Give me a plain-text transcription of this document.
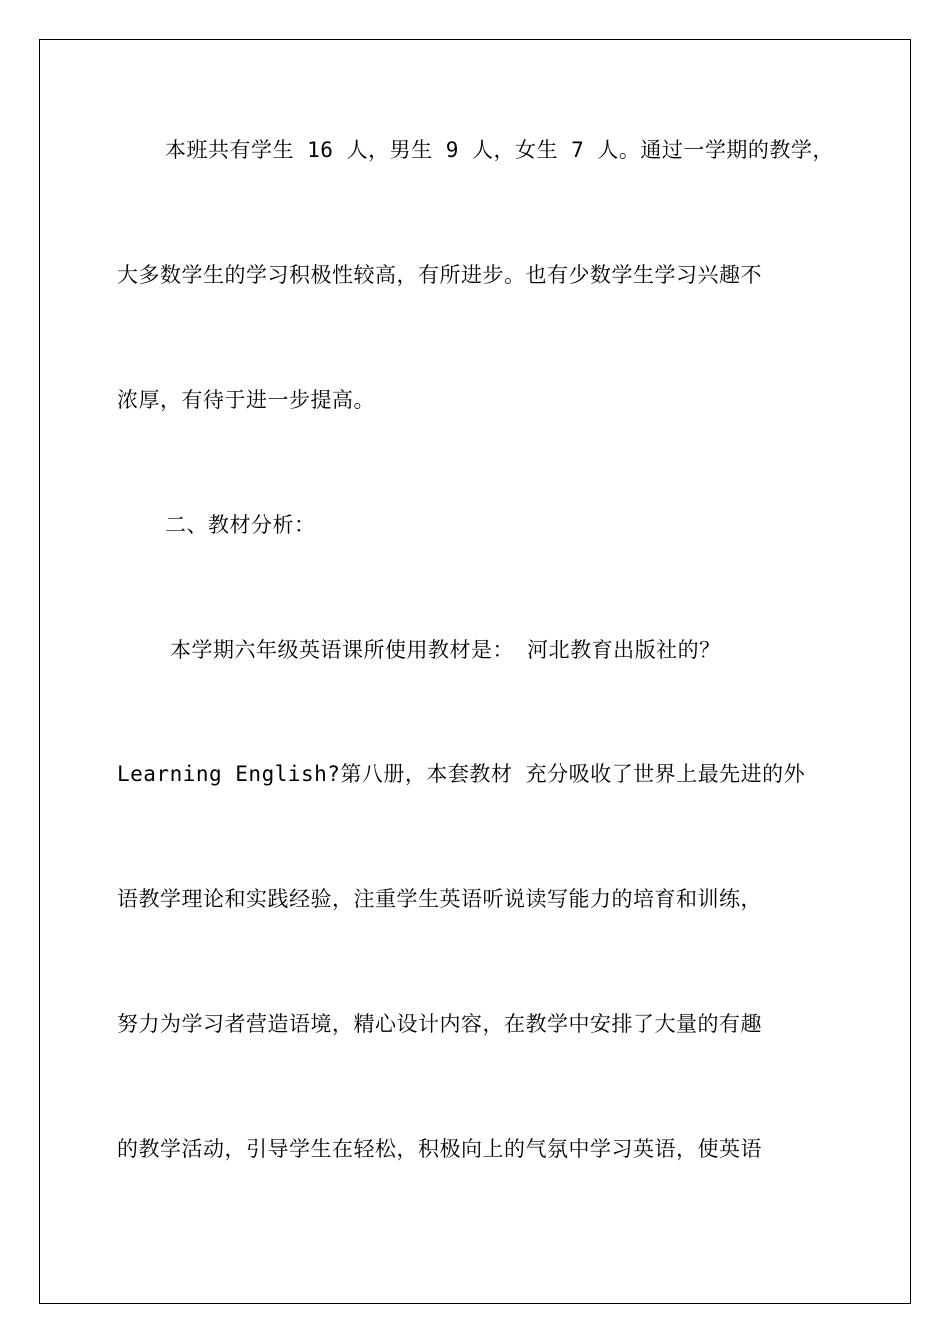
本班共有学生 16 人，男生 9 人，女生 7 人。通过一学期的教学，
大多数学生的学习积极性较高，有所进步。也有少数学生学习兴趣不
浓厚，有待于进一步提高。
二、教材分析：
本学期六年级英语课所使用教材是： 河北教育出版社的？
Learning English?第八册，本套教材 充分吸收了世界上最先进的外
语教学理论和实践经验，注重学生英语听说读写能力的培育和训练，
努力为学习者营造语境，精心设计内容，在教学中安排了大量的有趣
的教学活动，引导学生在轻松，积极向上的气氛中学习英语，使英语
